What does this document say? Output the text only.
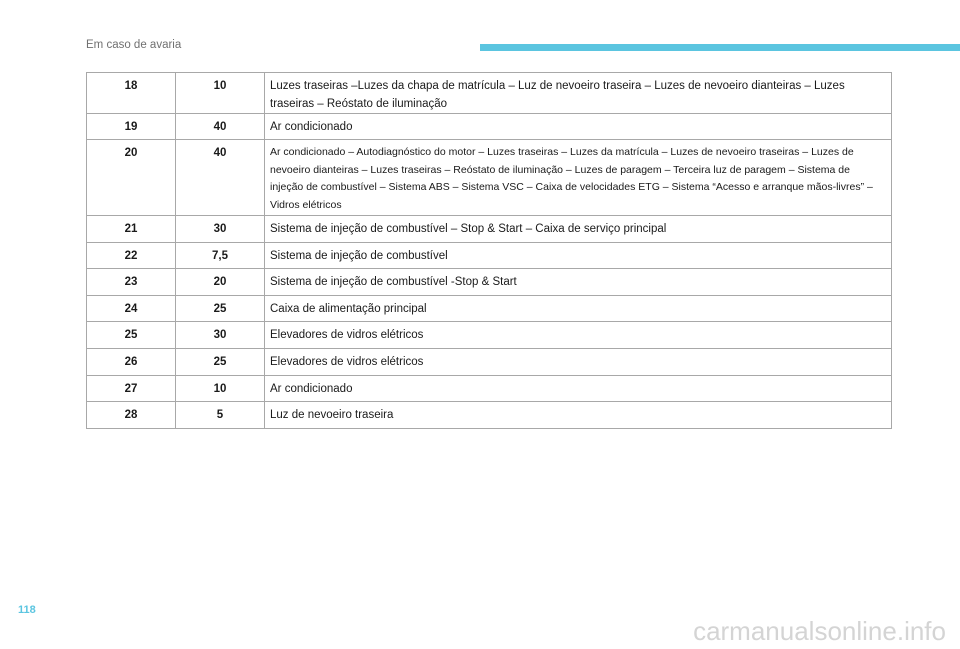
Em caso de avaria
18	10	Luzes traseiras –Luzes da chapa de matrícula – Luz de nevoeiro traseira – Luzes de nevoeiro dianteiras – Luzes traseiras – Reóstato de iluminação

19	40	Ar condicionado

20	40	Ar condicionado – Autodiagnóstico do motor – Luzes traseiras – Luzes da matrícula – Luzes de nevoeiro traseiras – Luzes de nevoeiro dianteiras – Luzes traseiras – Reóstato de iluminação – Luzes de paragem – Terceira luz de paragem – Sistema de injeção de combustível – Sistema ABS – Sistema VSC – Caixa de velocidades ETG – Sistema “Acesso e arranque mãos-livres” – Vidros elétricos

21	30	Sistema de injeção de combustível – Stop & Start – Caixa de serviço principal

22	7,5	Sistema de injeção de combustível

23	20	Sistema de injeção de combustível -Stop & Start

24	25	Caixa de alimentação principal

25	30	Elevadores de vidros elétricos

26	25	Elevadores de vidros elétricos

27	10	Ar condicionado

28	5	Luz de nevoeiro traseira
118
carmanualsonline.info
